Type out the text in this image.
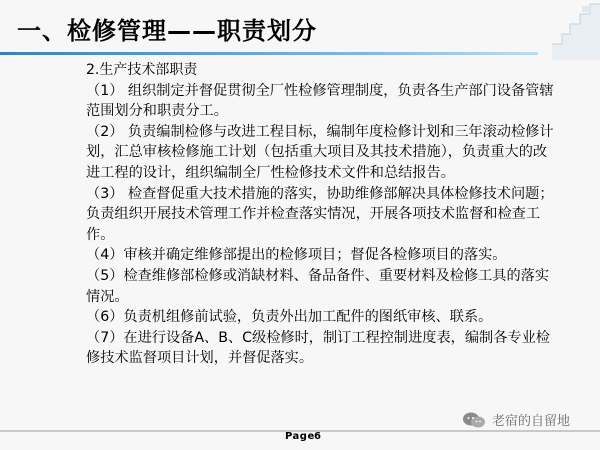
一、检修管理——职责划分

2.生产技术部职责

（1） 组织制定并督促贯彻全厂性检修管理制度，负责各生产部门设备管辖范围划分和职责分工。

（2） 负责编制检修与改进工程目标，编制年度检修计划和三年滚动检修计划，汇总审核检修施工计划（包括重大项目及其技术措施），负责重大的改进工程的设计，组织编制全厂性检修技术文件和总结报告。

（3） 检查督促重大技术措施的落实，协助维修部解决具体检修技术问题；负责组织开展技术管理工作并检查落实情况，开展各项技术监督和检查工作。

（4）审核并确定维修部提出的检修项目；督促各检修项目的落实。

（5）检查维修部检修或消缺材料、备品备件、重要材料及检修工具的落实情况。

（6）负责机组修前试验，负责外出加工配件的图纸审核、联系。

（7）在进行设备A、B、C级检修时，制订工程控制进度表，编制各专业检修技术监督项目计划，并督促落实。

老宿的自留地
Page 6
